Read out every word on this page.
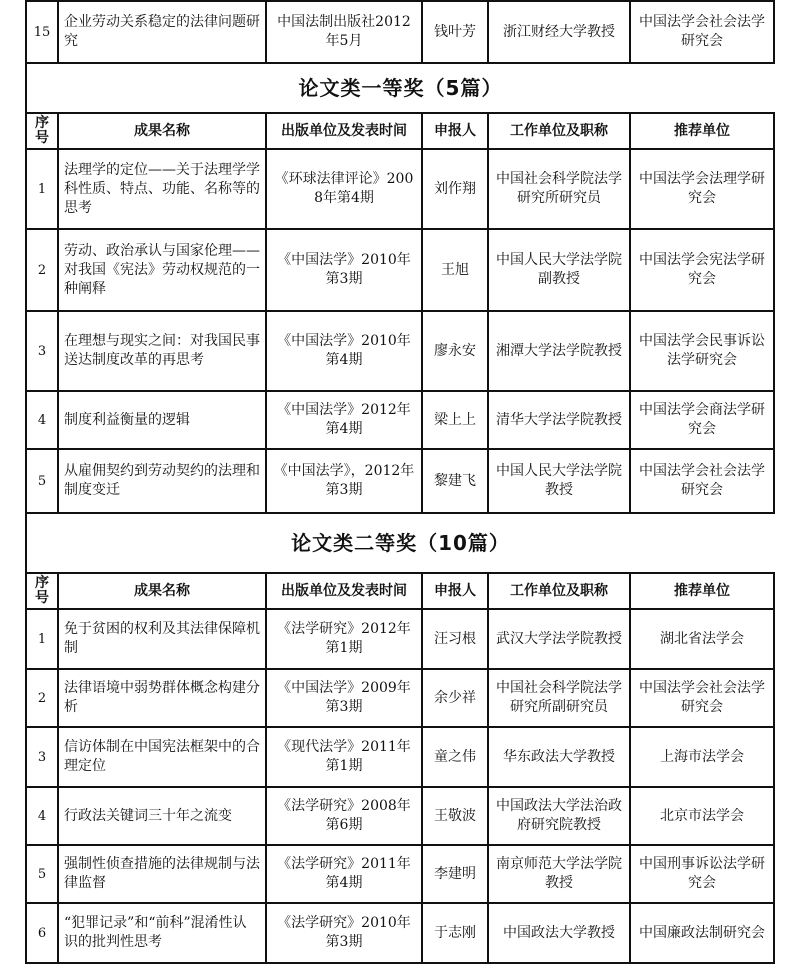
15	企业劳动关系稳定的法律问题研究	中国法制出版社2012年5月	钱叶芳	浙江财经大学教授	中国法学会社会法学研究会
论文类一等奖（5篇）					
序号	成果名称	出版单位及发表时间	申报人	工作单位及职称	推荐单位
1	法理学的定位——关于法理学学科性质、特点、功能、名称等的思考	《环球法律评论》2008年第4期	刘作翔	中国社会科学院法学研究所研究员	中国法学会法理学研究会
2	劳动、政治承认与国家伦理——对我国《宪法》劳动权规范的一种阐释	《中国法学》2010年第3期	王旭	中国人民大学法学院副教授	中国法学会宪法学研究会
3	在理想与现实之间：对我国民事送达制度改革的再思考	《中国法学》2010年第4期	廖永安	湘潭大学法学院教授	中国法学会民事诉讼法学研究会
4	制度利益衡量的逻辑	《中国法学》2012年第4期	梁上上	清华大学法学院教授	中国法学会商法学研究会
5	从雇佣契约到劳动契约的法理和制度变迁	《中国法学》，2012年第3期	黎建飞	中国人民大学法学院教授	中国法学会社会法学研究会
论文类二等奖（10篇）					
序号	成果名称	出版单位及发表时间	申报人	工作单位及职称	推荐单位
1	免于贫困的权利及其法律保障机制	《法学研究》2012年第1期	汪习根	武汉大学法学院教授	湖北省法学会
2	法律语境中弱势群体概念构建分析	《中国法学》2009年第3期	余少祥	中国社会科学院法学研究所副研究员	中国法学会社会法学研究会
3	信访体制在中国宪法框架中的合理定位	《现代法学》2011年第1期	童之伟	华东政法大学教授	上海市法学会
4	行政法关键词三十年之流变	《法学研究》2008年第6期	王敬波	中国政法大学法治政府研究院教授	北京市法学会
5	强制性侦查措施的法律规制与法律监督	《法学研究》2011年第4期	李建明	南京师范大学法学院教授	中国刑事诉讼法学研究会
6	“犯罪记录”和“前科”混淆性认识的批判性思考	《法学研究》2010年第3期	于志刚	中国政法大学教授	中国廉政法制研究会
